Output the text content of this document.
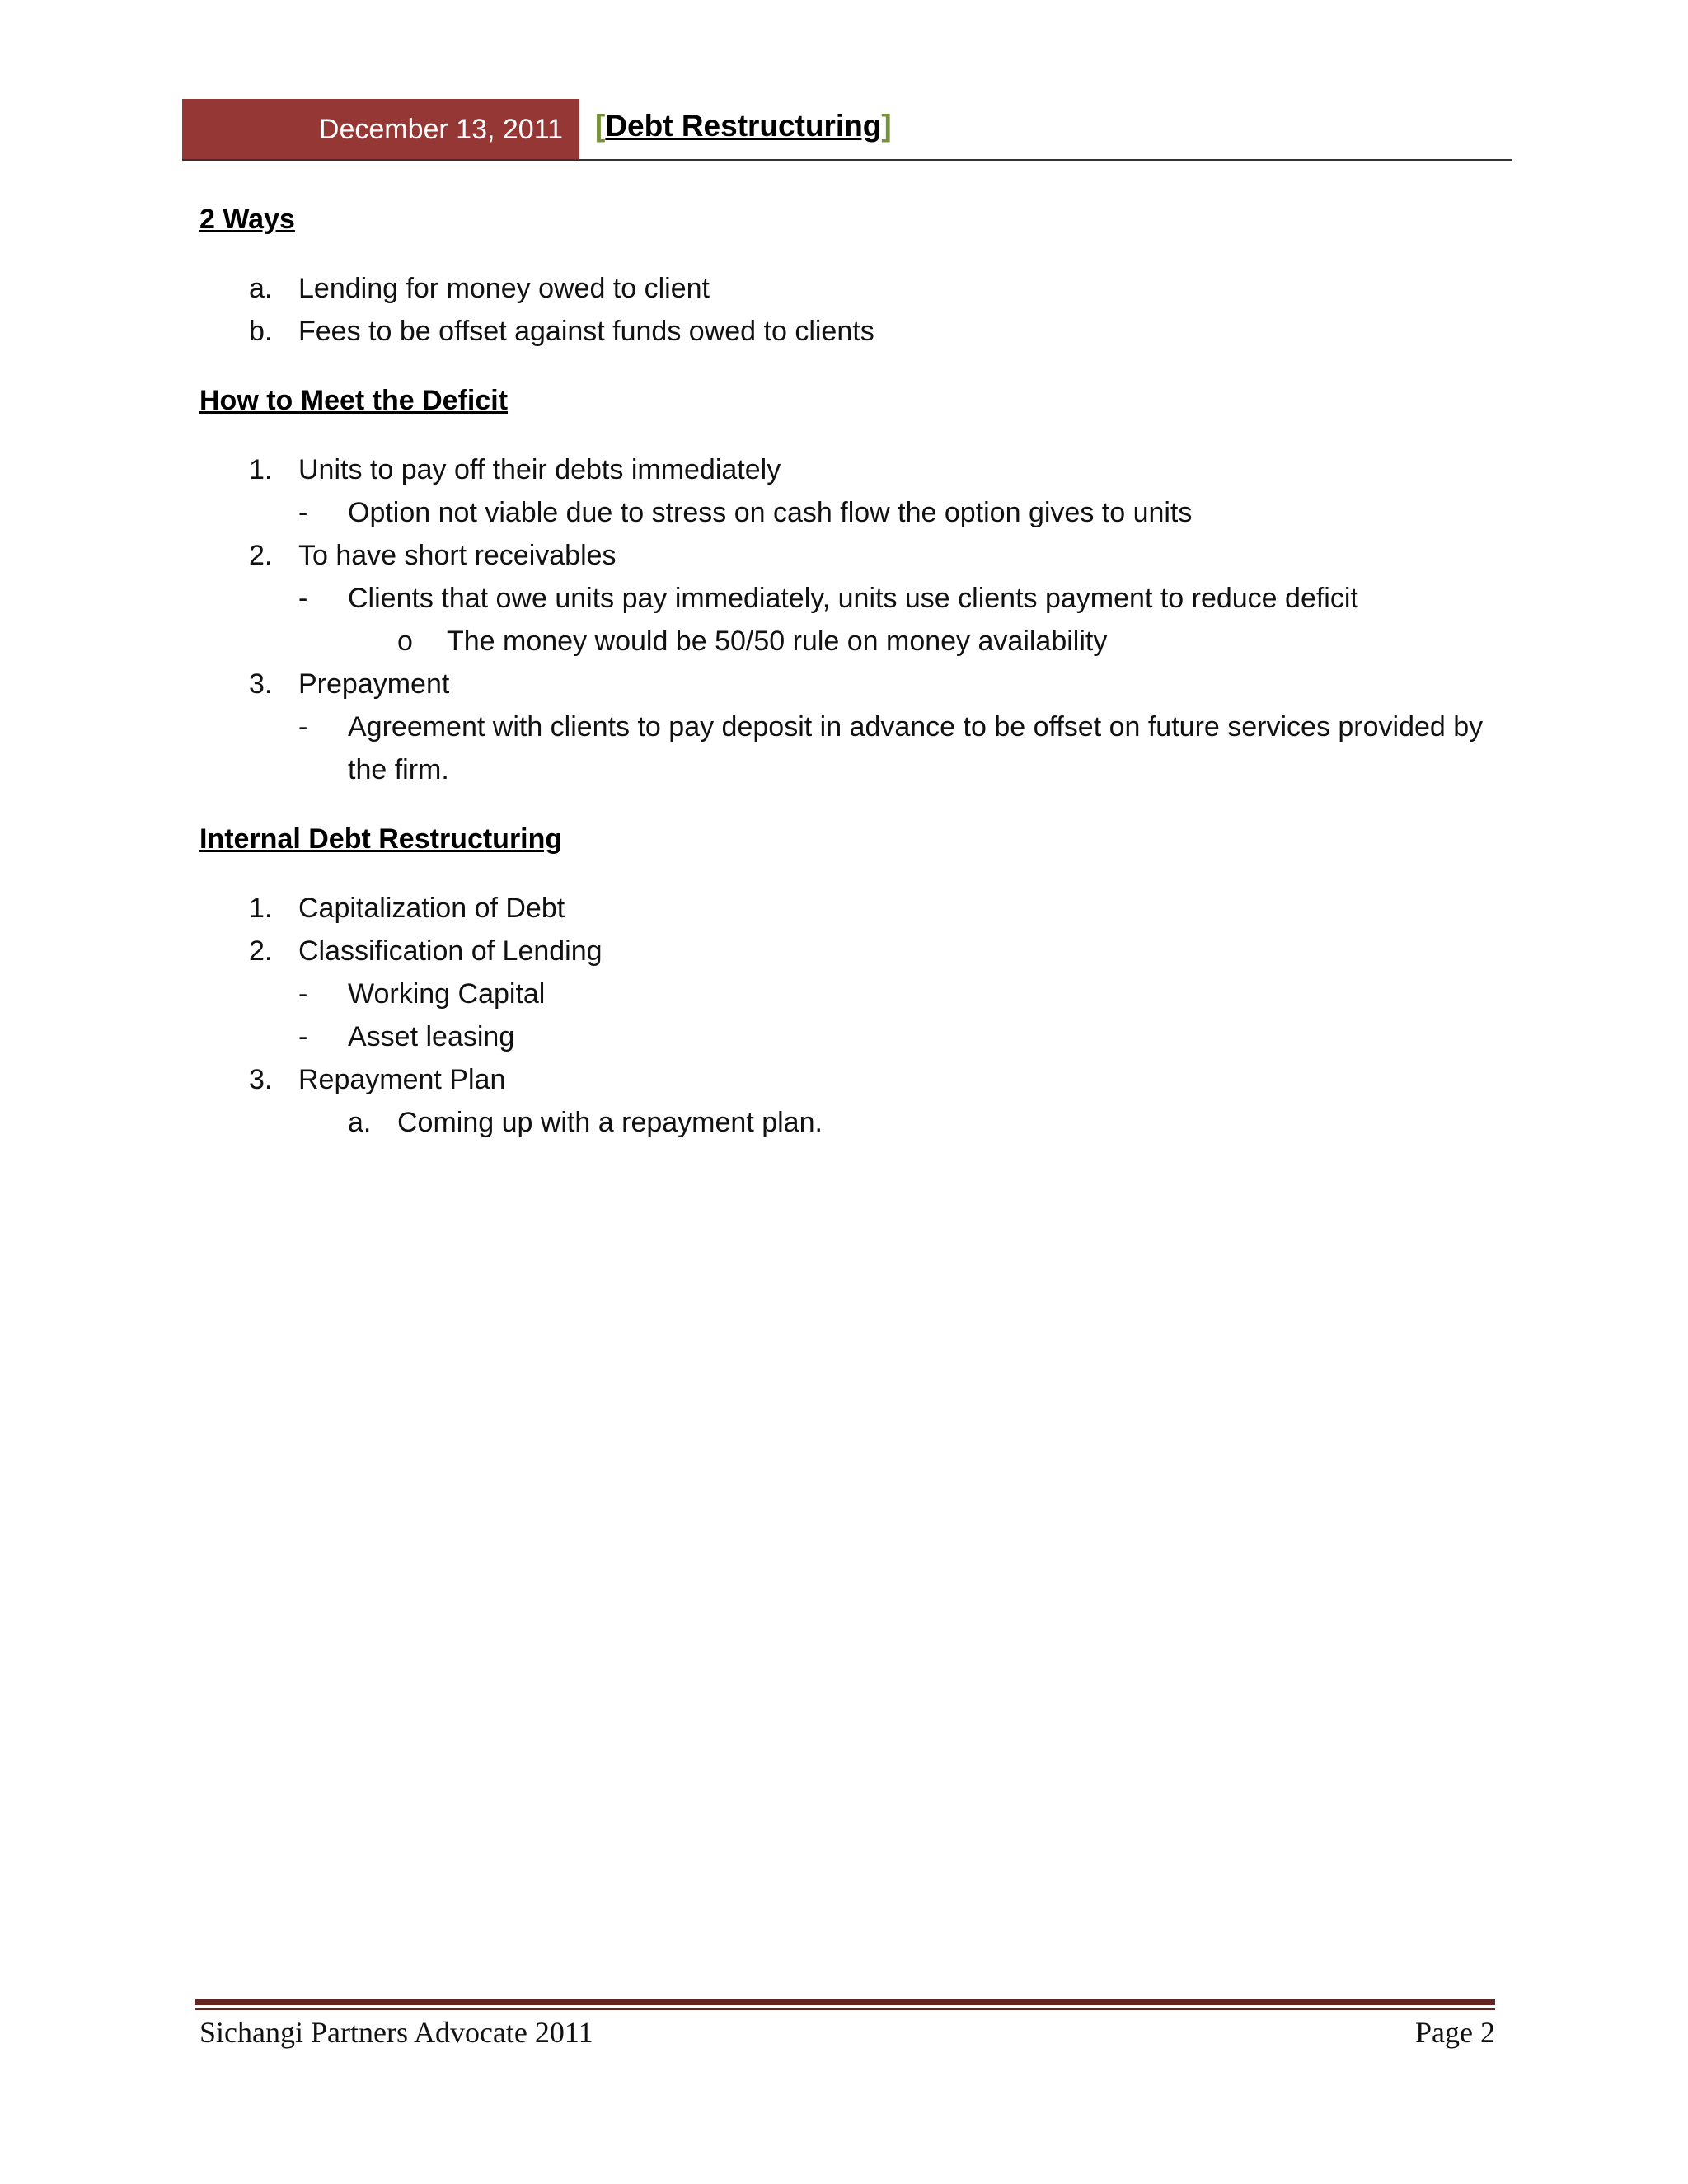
December 13, 2011 [Debt Restructuring]
2 Ways
a. Lending for money owed to client
b. Fees to be offset against funds owed to clients
How to Meet the Deficit
1. Units to pay off their debts immediately
-	Option not viable due to stress on cash flow the option gives to units
2. To have short receivables
-	Clients that owe units pay immediately, units use clients payment to reduce deficit
o	The money would be 50/50 rule on money availability
3. Prepayment
-	Agreement with clients to pay deposit in advance to be offset on future services provided by the firm.
Internal Debt Restructuring
1. Capitalization of Debt
2. Classification of Lending
-	Working Capital
-	Asset leasing
3. Repayment Plan
a. Coming up with a repayment plan.
Sichangi Partners Advocate 2011	Page 2
